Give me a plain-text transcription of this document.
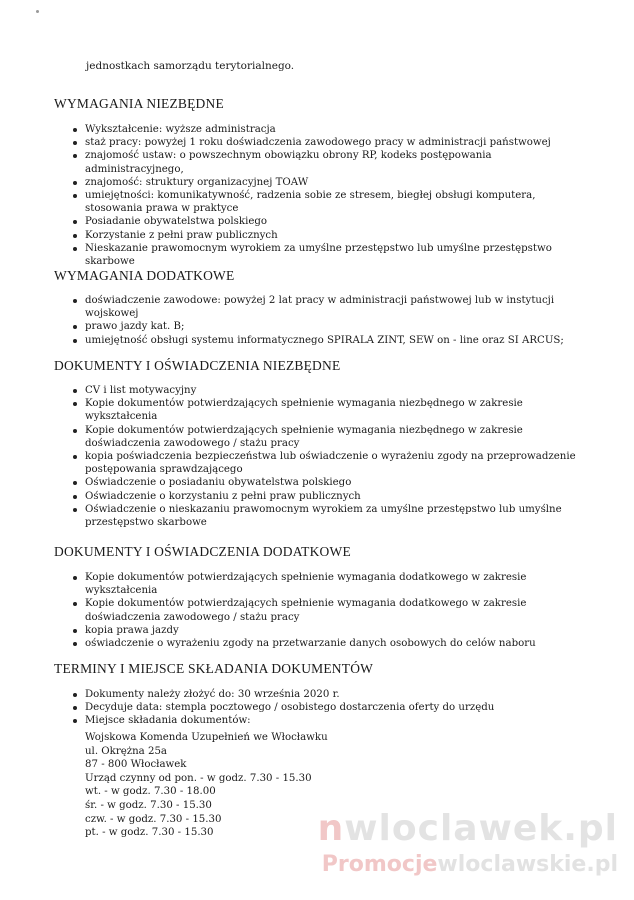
jednostkach samorządu terytorialnego.
WYMAGANIA NIEZBĘDNE
Wykształcenie: wyższe administracja
staż pracy: powyżej 1 roku doświadczenia zawodowego pracy w administracji państwowej
znajomość ustaw: o powszechnym obowiązku obrony RP, kodeks postępowania administracyjnego,
znajomość: struktury organizacyjnej TOAW
umiejętności: komunikatywność, radzenia sobie ze stresem, biegłej obsługi komputera, stosowania prawa w praktyce
Posiadanie obywatelstwa polskiego
Korzystanie z pełni praw publicznych
Nieskazanie prawomocnym wyrokiem za umyślne przestępstwo lub umyślne przestępstwo skarbowe
WYMAGANIA DODATKOWE
doświadczenie zawodowe: powyżej 2 lat pracy w administracji państwowej lub w instytucji wojskowej
prawo jazdy kat. B;
umiejętność obsługi systemu informatycznego SPIRALA ZINT, SEW on - line oraz SI ARCUS;
DOKUMENTY I OŚWIADCZENIA NIEZBĘDNE
CV i list motywacyjny
Kopie dokumentów potwierdzających spełnienie wymagania niezbędnego w zakresie wykształcenia
Kopie dokumentów potwierdzających spełnienie wymagania niezbędnego w zakresie doświadczenia zawodowego / stażu pracy
kopia poświadczenia bezpieczeństwa lub oświadczenie o wyrażeniu zgody na przeprowadzenie postępowania sprawdzającego
Oświadczenie o posiadaniu obywatelstwa polskiego
Oświadczenie o korzystaniu z pełni praw publicznych
Oświadczenie o nieskazaniu prawomocnym wyrokiem za umyślne przestępstwo lub umyślne przestępstwo skarbowe
DOKUMENTY I OŚWIADCZENIA DODATKOWE
Kopie dokumentów potwierdzających spełnienie wymagania dodatkowego w zakresie wykształcenia
Kopie dokumentów potwierdzających spełnienie wymagania dodatkowego w zakresie doświadczenia zawodowego / stażu pracy
kopia prawa jazdy
oświadczenie o wyrażeniu zgody na przetwarzanie danych osobowych do celów naboru
TERMINY I MIEJSCE SKŁADANIA DOKUMENTÓW
Dokumenty należy złożyć do: 30 września 2020 r.
Decyduje data: stempla pocztowego / osobistego dostarczenia oferty do urzędu
Miejsce składania dokumentów:
Wojskowa Komenda Uzupełnień we Włocławku
ul. Okrężna 25a
87 - 800 Włocławek
Urząd czynny od pon. - w godz. 7.30 - 15.30
wt. - w godz. 7.30 - 18.00
śr. - w godz. 7.30 - 15.30
czw. - w godz. 7.30 - 15.30
pt. - w godz. 7.30 - 15.30	nwloclawek.pl
Promocjewloclawskie.pl
